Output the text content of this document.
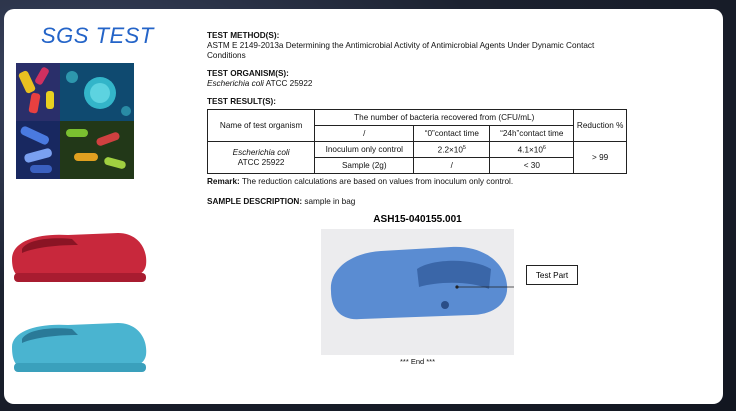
SGS TEST	TEST METHOD(S):
ASTM E 2149-2013a Determining the Antimicrobial Activity of Antimicrobial Agents Under Dynamic Contact Conditions
TEST ORGANISM(S):
Escherichia coli ATCC 25922
TEST RESULT(S):
Name of test organism	The number of bacteria recovered from (CFU/mL)			Reduction %
	/	“0”contact time	“24h”contact time	
Escherichia coli
ATCC 25922	Inoculum only control	$2.2\times 10^5$	$4.1\times 10^6$	> 99
	Sample (2g)	/	< 30	
Remark: The reduction calculations are based on values from inoculum only control.
SAMPLE DESCRIPTION: sample in bag
ASH15-040155.001
Test Part
*** End ***
